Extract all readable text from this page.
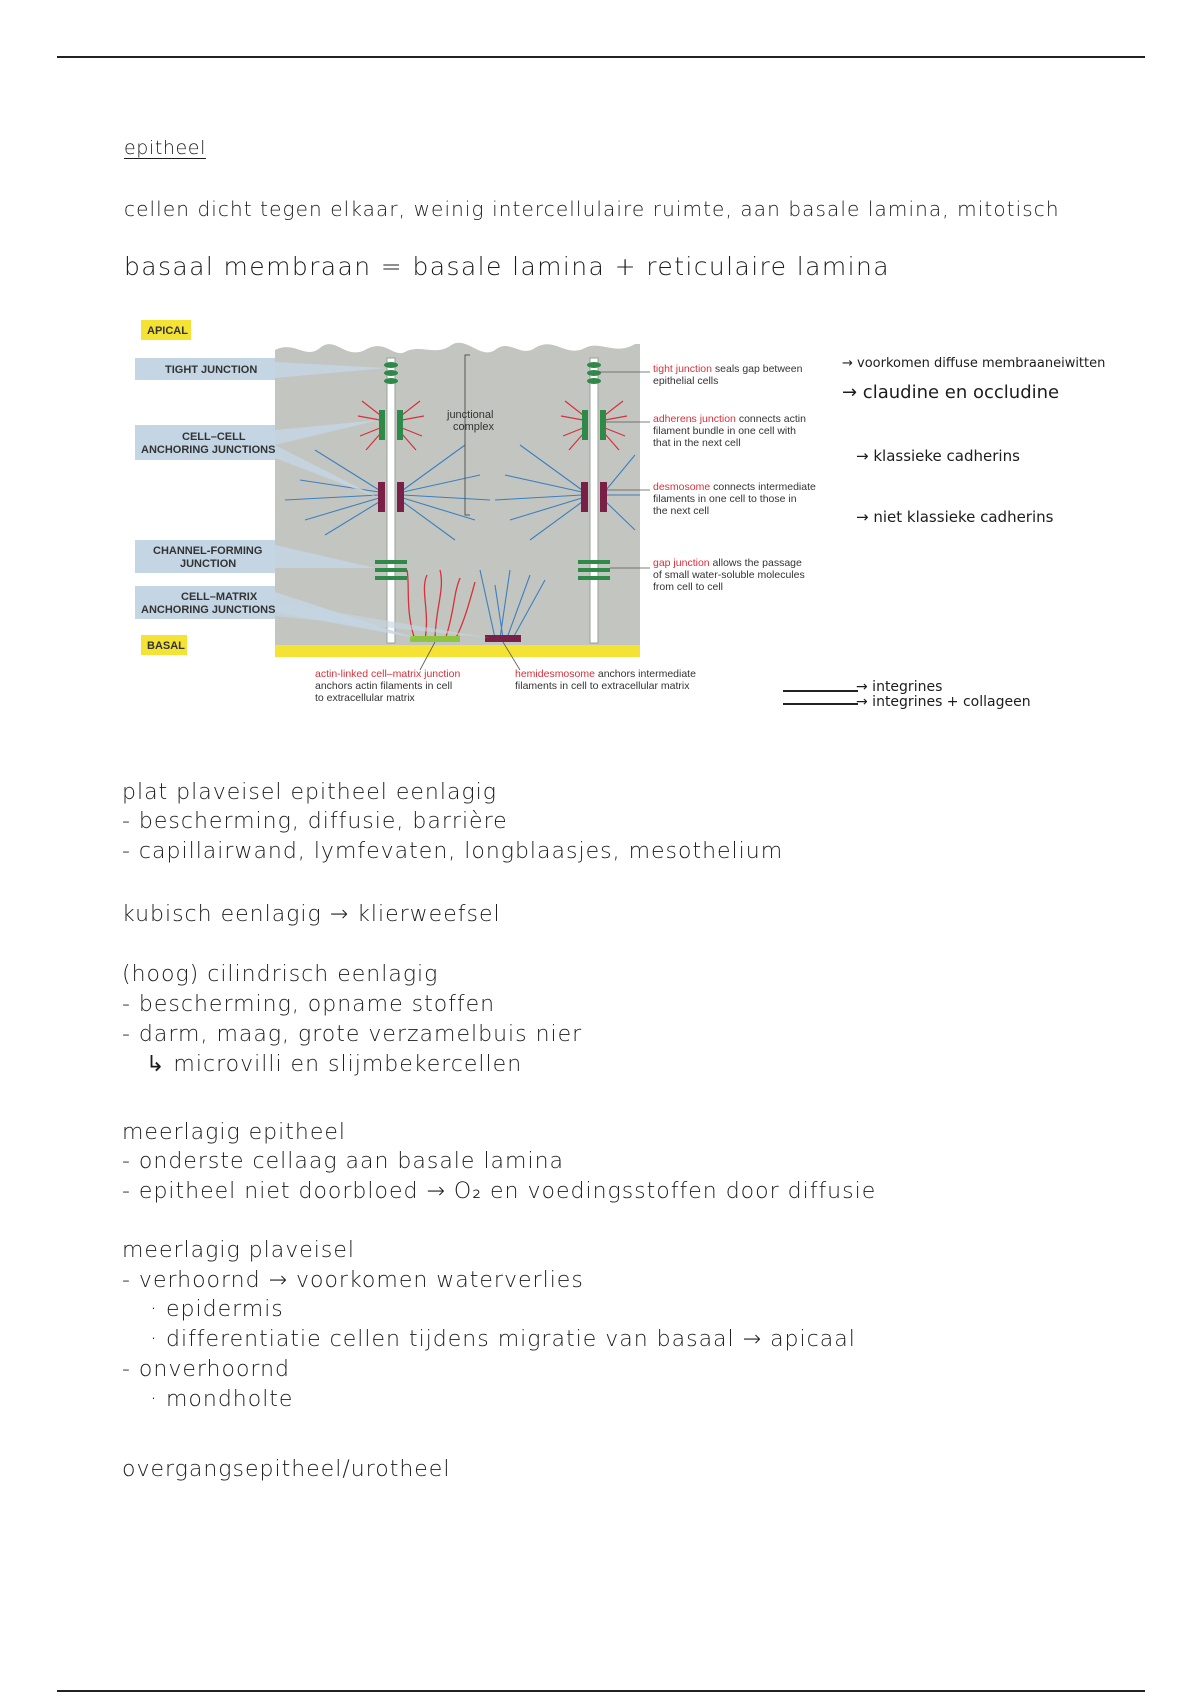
epitheel
cellen dicht tegen elkaar, weinig intercellulaire ruimte, aan basale lamina, mitotisch
basaal membraan = basale lamina + reticulaire lamina
junctional
complex
APICAL
TIGHT JUNCTION
CELL–CELL
ANCHORING JUNCTIONS
CHANNEL-FORMING
JUNCTION
CELL–MATRIX
ANCHORING JUNCTIONS
BASAL
tight junction seals gap between
epithelial cells
adherens junction connects actin
filament bundle in one cell with
that in the next cell
desmosome connects intermediate
filaments in one cell to those in
the next cell
gap junction allows the passage
of small water-soluble molecules
from cell to cell
actin-linked cell–matrix junction
anchors actin filaments in cell
to extracellular matrix
hemidesmosome anchors intermediate
filaments in cell to extracellular matrix
→ voorkomen diffuse membraaneiwitten
→ claudine en occludine
→ klassieke cadherins
→ niet klassieke cadherins
→ integrines
→ integrines + collageen
plat plaveisel epitheel eenlagig
- bescherming, diffusie, barrière
- capillairwand, lymfevaten, longblaasjes, mesothelium
kubisch eenlagig → klierweefsel
(hoog) cilindrisch eenlagig
- bescherming, opname stoffen
- darm, maag, grote verzamelbuis nier
↳ microvilli en slijmbekercellen
meerlagig epitheel
- onderste cellaag aan basale lamina
- epitheel niet doorbloed → O₂ en voedingsstoffen door diffusie
meerlagig plaveisel
- verhoornd → voorkomen waterverlies
· epidermis
· differentiatie cellen tijdens migratie van basaal → apicaal
- onverhoornd
· mondholte
overgangsepitheel/urotheel
